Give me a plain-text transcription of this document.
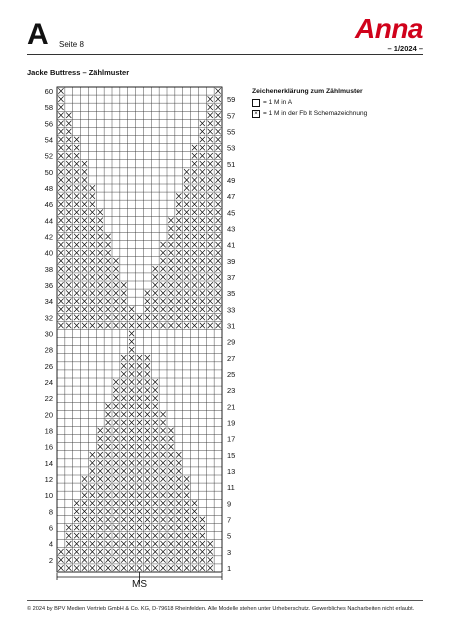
A Seite 8
Anna
– 1/2024 –
Jacke Buttress – Zählmuster
Zeichenerklärung zum Zählmuster
= 1 M in A
× = 1 M in der Fb lt Schemazeichnung
2
4
6
8
10
12
14
16
18
20
22
24
26
28
30
32
34
36
38
40
42
44
46
48
50
52
54
56
58
60
1
3
5
7
9
11
13
15
17
19
21
23
25
27
29
31
33
35
37
39
41
43
45
47
49
51
53
55
57
59
MS
© 2024 by BPV Medien Vertrieb GmbH & Co. KG, D-79618 Rheinfelden. Alle Modelle stehen unter Urheberschutz. Gewerbliches Nacharbeiten nicht erlaubt.
